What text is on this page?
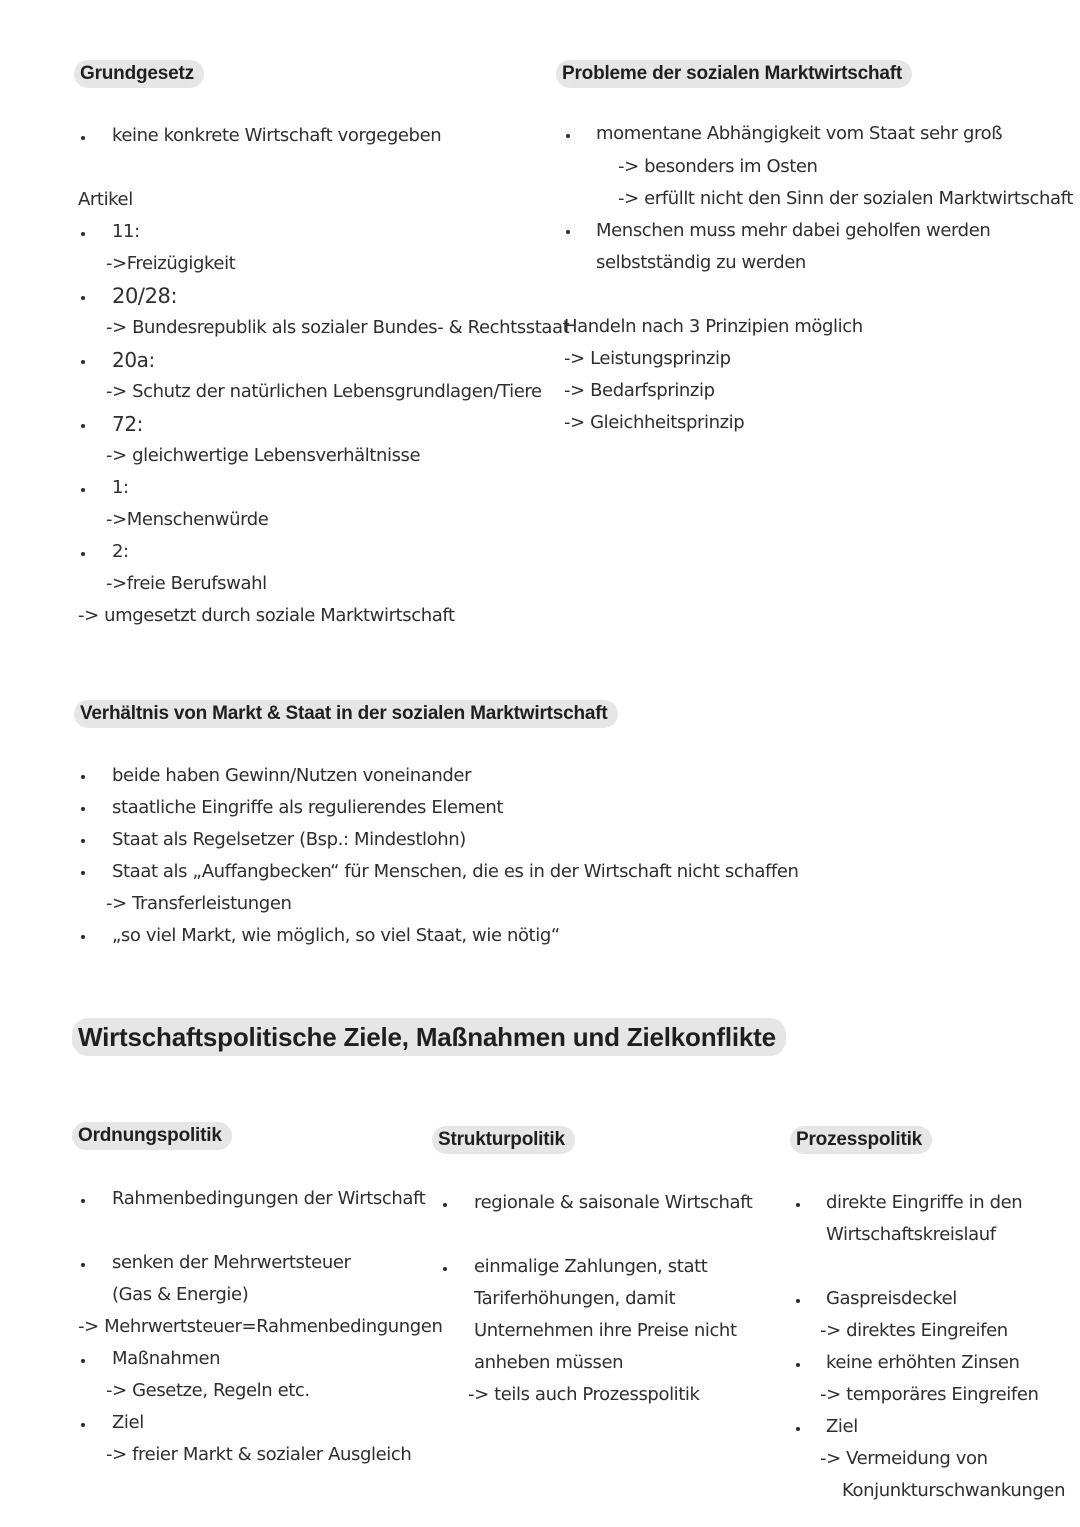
Grundgesetz
keine konkrete Wirtschaft vorgegeben
Artikel
11:
->Freizügigkeit
20/28:
-> Bundesrepublik als sozialer Bundes- & Rechtsstaat
20a:
-> Schutz der natürlichen Lebensgrundlagen/Tiere
72:
-> gleichwertige Lebensverhältnisse
1:
->Menschenwürde
2:
->freie Berufswahl
-> umgesetzt durch soziale Marktwirtschaft
Probleme der sozialen Marktwirtschaft
momentane Abhängigkeit vom Staat sehr groß
-> besonders im Osten
-> erfüllt nicht den Sinn der sozialen Marktwirtschaft
Menschen muss mehr dabei geholfen werden
selbstständig zu werden
Handeln nach 3 Prinzipien möglich
-> Leistungsprinzip
-> Bedarfsprinzip
-> Gleichheitsprinzip
Verhältnis von Markt & Staat in der sozialen Marktwirtschaft
beide haben Gewinn/Nutzen voneinander
staatliche Eingriffe als regulierendes Element
Staat als Regelsetzer (Bsp.: Mindestlohn)
Staat als „Auffangbecken“ für Menschen, die es in der Wirtschaft nicht schaffen
-> Transferleistungen
„so viel Markt, wie möglich, so viel Staat, wie nötig“
Wirtschaftspolitische Ziele, Maßnahmen und Zielkonflikte
Ordnungspolitik
Rahmenbedingungen der Wirtschaft
senken der Mehrwertsteuer
(Gas & Energie)
-> Mehrwertsteuer=Rahmenbedingungen
Maßnahmen
-> Gesetze, Regeln etc.
Ziel
-> freier Markt & sozialer Ausgleich
Strukturpolitik
regionale & saisonale Wirtschaft
einmalige Zahlungen, statt
Tariferhöhungen, damit
Unternehmen ihre Preise nicht
anheben müssen
-> teils auch Prozesspolitik
Prozesspolitik
direkte Eingriffe in den
Wirtschaftskreislauf
Gaspreisdeckel
-> direktes Eingreifen
keine erhöhten Zinsen
-> temporäres Eingreifen
Ziel
-> Vermeidung von
Konjunkturschwankungen
